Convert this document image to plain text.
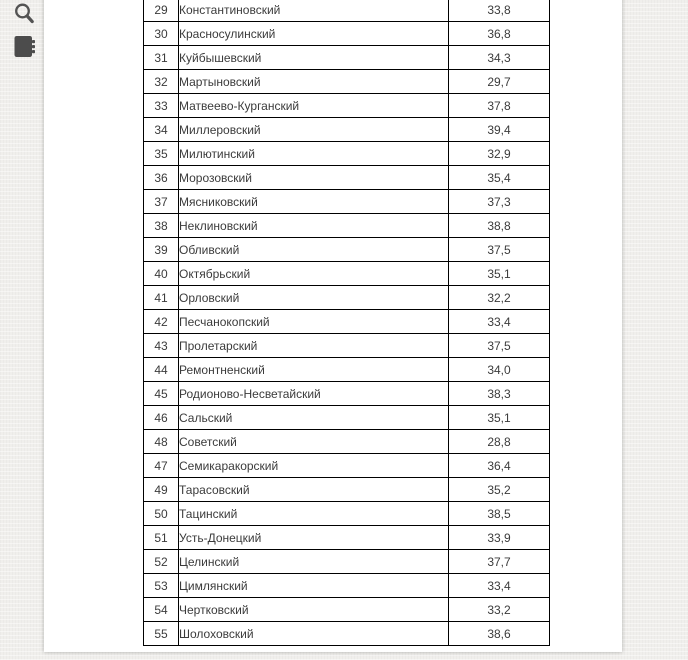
29	Константиновский	33,8
30	Красносулинский	36,8
31	Куйбышевский	34,3
32	Мартыновский	29,7
33	Матвеево-Курганский	37,8
34	Миллеровский	39,4
35	Милютинский	32,9
36	Морозовский	35,4
37	Мясниковский	37,3
38	Неклиновский	38,8
39	Обливский	37,5
40	Октябрьский	35,1
41	Орловский	32,2
42	Песчанокопский	33,4
43	Пролетарский	37,5
44	Ремонтненский	34,0
45	Родионово-Несветайский	38,3
46	Сальский	35,1
48	Советский	28,8
47	Семикаракорский	36,4
49	Тарасовский	35,2
50	Тацинский	38,5
51	Усть-Донецкий	33,9
52	Целинский	37,7
53	Цимлянский	33,4
54	Чертковский	33,2
55	Шолоховский	38,6
